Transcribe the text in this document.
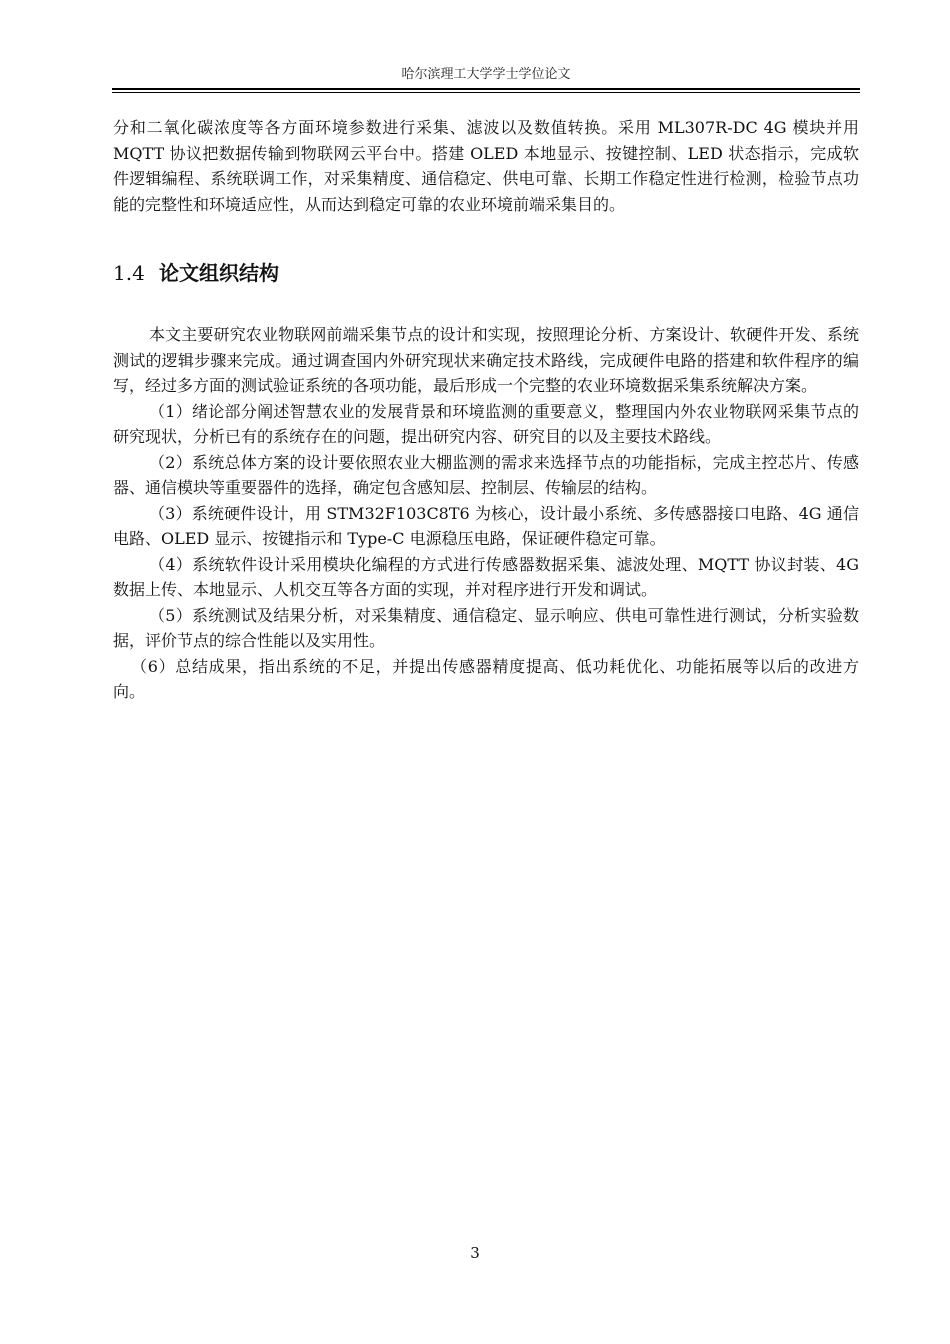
哈尔滨理工大学学士学位论文

分和二氧化碳浓度等各方面环境参数进行采集、滤波以及数值转换。采用 ML307R-DC 4G 模块并用 MQTT 协议把数据传输到物联网云平台中。搭建 OLED 本地显示、按键控制、LED 状态指示，完成软件逻辑编程、系统联调工作，对采集精度、通信稳定、供电可靠、长期工作稳定性进行检测，检验节点功能的完整性和环境适应性，从而达到稳定可靠的农业环境前端采集目的。

1.4 论文组织结构

本文主要研究农业物联网前端采集节点的设计和实现，按照理论分析、方案设计、软硬件开发、系统测试的逻辑步骤来完成。通过调查国内外研究现状来确定技术路线，完成硬件电路的搭建和软件程序的编写，经过多方面的测试验证系统的各项功能，最后形成一个完整的农业环境数据采集系统解决方案。

（1）绪论部分阐述智慧农业的发展背景和环境监测的重要意义，整理国内外农业物联网采集节点的研究现状，分析已有的系统存在的问题，提出研究内容、研究目的以及主要技术路线。

（2）系统总体方案的设计要依照农业大棚监测的需求来选择节点的功能指标，完成主控芯片、传感器、通信模块等重要器件的选择，确定包含感知层、控制层、传输层的结构。

（3）系统硬件设计，用 STM32F103C8T6 为核心，设计最小系统、多传感器接口电路、4G 通信电路、OLED 显示、按键指示和 Type-C 电源稳压电路，保证硬件稳定可靠。

（4）系统软件设计采用模块化编程的方式进行传感器数据采集、滤波处理、MQTT 协议封装、4G 数据上传、本地显示、人机交互等各方面的实现，并对程序进行开发和调试。

（5）系统测试及结果分析，对采集精度、通信稳定、显示响应、供电可靠性进行测试，分析实验数据，评价节点的综合性能以及实用性。

（6）总结成果，指出系统的不足，并提出传感器精度提高、低功耗优化、功能拓展等以后的改进方向。

3
